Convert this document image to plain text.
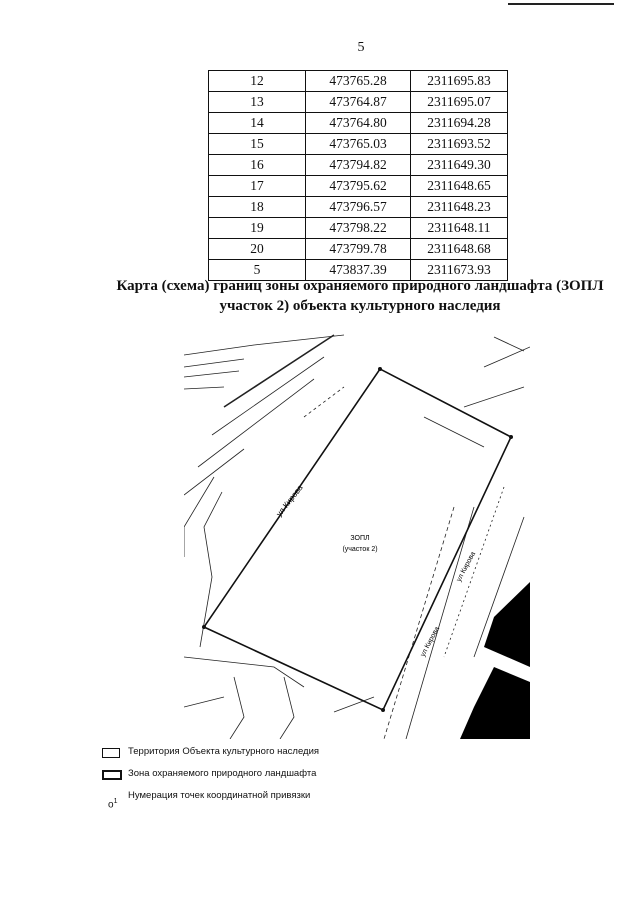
5
12	473765.28	2311695.83
13	473764.87	2311695.07
14	473764.80	2311694.28
15	473765.03	2311693.52
16	473794.82	2311649.30
17	473795.62	2311648.65
18	473796.57	2311648.23
19	473798.22	2311648.11
20	473799.78	2311648.68
5	473837.39	2311673.93
Карта (схема) границ зоны охраняемого природного ландшафта (ЗОПЛ
участок 2) объекта культурного наследия
ЗОПЛ
(участок 2)
ул Кирова
ул Кирова
ул Кирова
Территория Объекта культурного наследия
Зона охраняемого природного ландшафта
$о^1$
Нумерация точек координатной привязки
